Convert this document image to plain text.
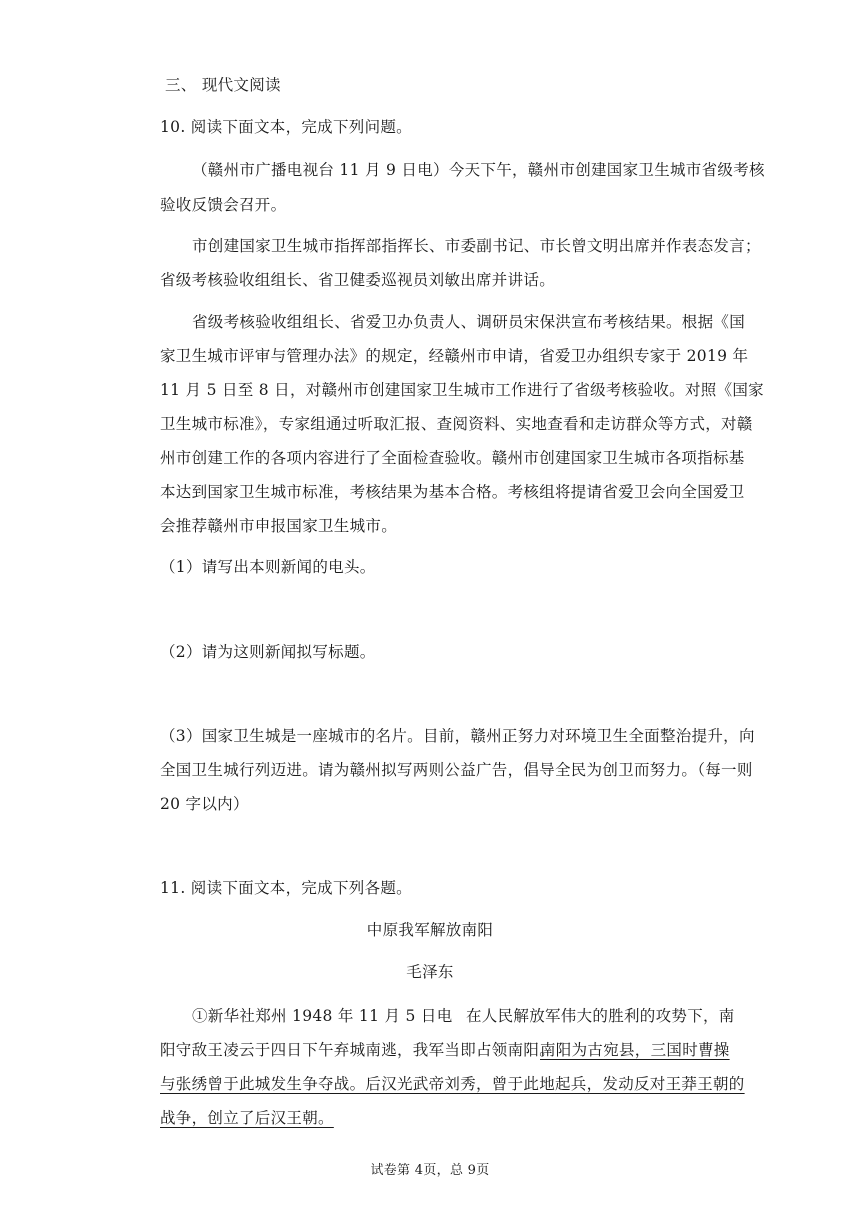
三、 现代文阅读
10. 阅读下面文本，完成下列问题。
（赣州市广播电视台 11 月 9 日电）今天下午，赣州市创建国家卫生城市省级考核
验收反馈会召开。
市创建国家卫生城市指挥部指挥长、市委副书记、市长曾文明出席并作表态发言；
省级考核验收组组长、省卫健委巡视员刘敏出席并讲话。
省级考核验收组组长、省爱卫办负责人、调研员宋保洪宣布考核结果。根据《国
家卫生城市评审与管理办法》的规定，经赣州市申请，省爱卫办组织专家于 2019 年
11 月 5 日至 8 日，对赣州市创建国家卫生城市工作进行了省级考核验收。对照《国家
卫生城市标准》，专家组通过听取汇报、查阅资料、实地查看和走访群众等方式，对赣
州市创建工作的各项内容进行了全面检查验收。赣州市创建国家卫生城市各项指标基
本达到国家卫生城市标准，考核结果为基本合格。考核组将提请省爱卫会向全国爱卫
会推荐赣州市申报国家卫生城市。
（1）请写出本则新闻的电头。
（2）请为这则新闻拟写标题。
（3）国家卫生城是一座城市的名片。目前，赣州正努力对环境卫生全面整治提升，向
全国卫生城行列迈进。请为赣州拟写两则公益广告，倡导全民为创卫而努力。（每一则
20 字以内）
11. 阅读下面文本，完成下列各题。
中原我军解放南阳
毛泽东
①新华社郑州 1948 年 11 月 5 日电 在人民解放军伟大的胜利的攻势下，南
阳守敌王凌云于四日下午弃城南逃，我军当即占领南阳。
南阳为古宛县，三国时曹操
与张绣曾于此城发生争夺战。后汉光武帝刘秀，曾于此地起兵，发动反对王莽王朝的
战争，创立了后汉王朝。
试卷第 4页，总 9页
